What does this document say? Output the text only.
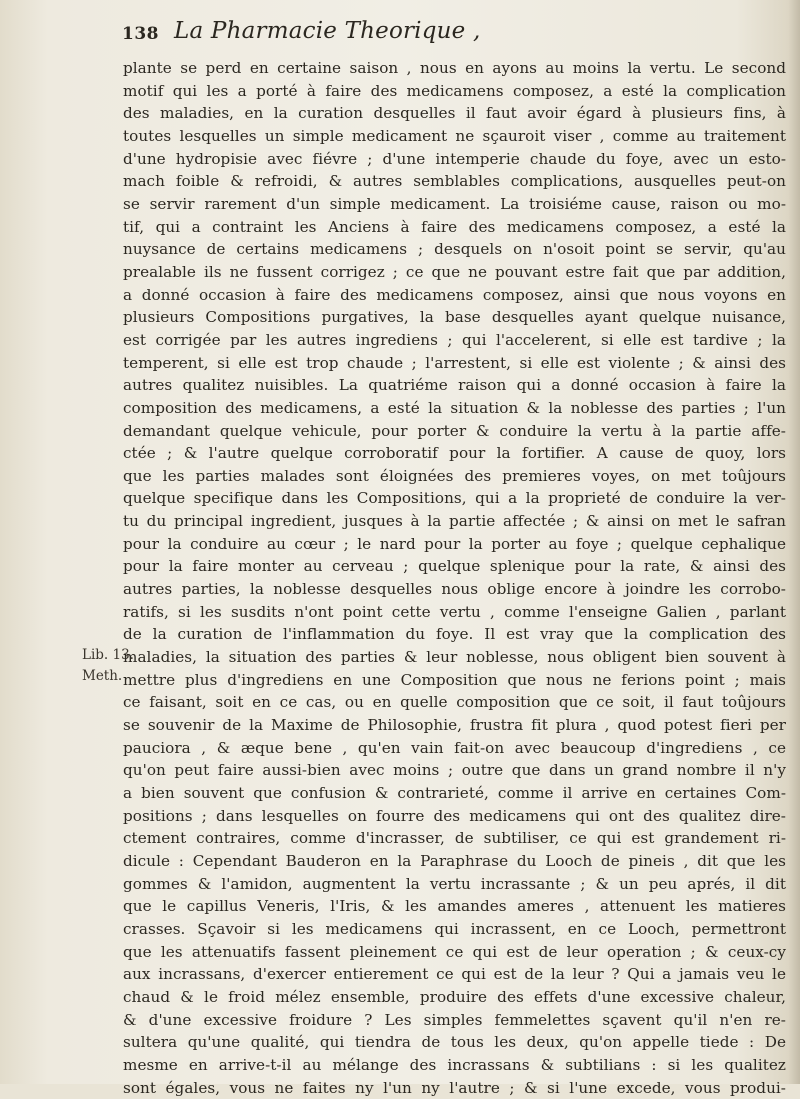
138 La Pharmacie Theorique ,
Lib. 13.
Meth.
plante se perd en certaine saison , nous en ayons au moins la vertu. Le second
motif qui les a porté à faire des medicamens composez, a esté la complication
des maladies, en la curation desquelles il faut avoir égard à plusieurs fins, à
toutes lesquelles un simple medicament ne sçauroit viser , comme au traitement
d'une hydropisie avec fiévre ; d'une intemperie chaude du foye, avec un esto-
mach foible & refroidi, & autres semblables complications, ausquelles peut-on
se servir rarement d'un simple medicament. La troisiéme cause, raison ou mo-
tif, qui a contraint les Anciens à faire des medicamens composez, a esté la
nuysance de certains medicamens ; desquels on n'osoit point se servir, qu'au
prealable ils ne fussent corrigez ; ce que ne pouvant estre fait que par addition,
a donné occasion à faire des medicamens composez, ainsi que nous voyons en
plusieurs Compositions purgatives, la base desquelles ayant quelque nuisance,
est corrigée par les autres ingrediens ; qui l'accelerent, si elle est tardive ; la
temperent, si elle est trop chaude ; l'arrestent, si elle est violente ; & ainsi des
autres qualitez nuisibles. La quatriéme raison qui a donné occasion à faire la
composition des medicamens, a esté la situation & la noblesse des parties ; l'un
demandant quelque vehicule, pour porter & conduire la vertu à la partie affe-
ctée ; & l'autre quelque corroboratif pour la fortifier. A cause de quoy, lors
que les parties malades sont éloignées des premieres voyes, on met toûjours
quelque specifique dans les Compositions, qui a la proprieté de conduire la ver-
tu du principal ingredient, jusques à la partie affectée ; & ainsi on met le safran
pour la conduire au cœur ; le nard pour la porter au foye ; quelque cephalique
pour la faire monter au cerveau ; quelque splenique pour la rate, & ainsi des
autres parties, la noblesse desquelles nous oblige encore à joindre les corrobo-
ratifs, si les susdits n'ont point cette vertu , comme l'enseigne Galien , parlant
de la curation de l'inflammation du foye. Il est vray que la complication des
maladies, la situation des parties & leur noblesse, nous obligent bien souvent à
mettre plus d'ingrediens en une Composition que nous ne ferions point ; mais
ce faisant, soit en ce cas, ou en quelle composition que ce soit, il faut toûjours
se souvenir de la Maxime de Philosophie, frustra fit plura , quod potest fieri per
pauciora , & æque bene , qu'en vain fait-on avec beaucoup d'ingrediens , ce
qu'on peut faire aussi-bien avec moins ; outre que dans un grand nombre il n'y
a bien souvent que confusion & contrarieté, comme il arrive en certaines Com-
positions ; dans lesquelles on fourre des medicamens qui ont des qualitez dire-
ctement contraires, comme d'incrasser, de subtiliser, ce qui est grandement ri-
dicule : Cependant Bauderon en la Paraphrase du Looch de pineis , dit que les
gommes & l'amidon, augmentent la vertu incrassante ; & un peu aprés, il dit
que le capillus Veneris, l'Iris, & les amandes ameres , attenuent les matieres
crasses. Sçavoir si les medicamens qui incrassent, en ce Looch, permettront
que les attenuatifs fassent pleinement ce qui est de leur operation ; & ceux-cy
aux incrassans, d'exercer entierement ce qui est de la leur ? Qui a jamais veu le
chaud & le froid mélez ensemble, produire des effets d'une excessive chaleur,
& d'une excessive froidure ? Les simples femmelettes sçavent qu'il n'en re-
sultera qu'une qualité, qui tiendra de tous les deux, qu'on appelle tiede : De
mesme en arrive-t-il au mélange des incrassans & subtilians : si les qualitez
sont égales, vous ne faites ny l'un ny l'autre ; & si l'une excede, vous produi-
